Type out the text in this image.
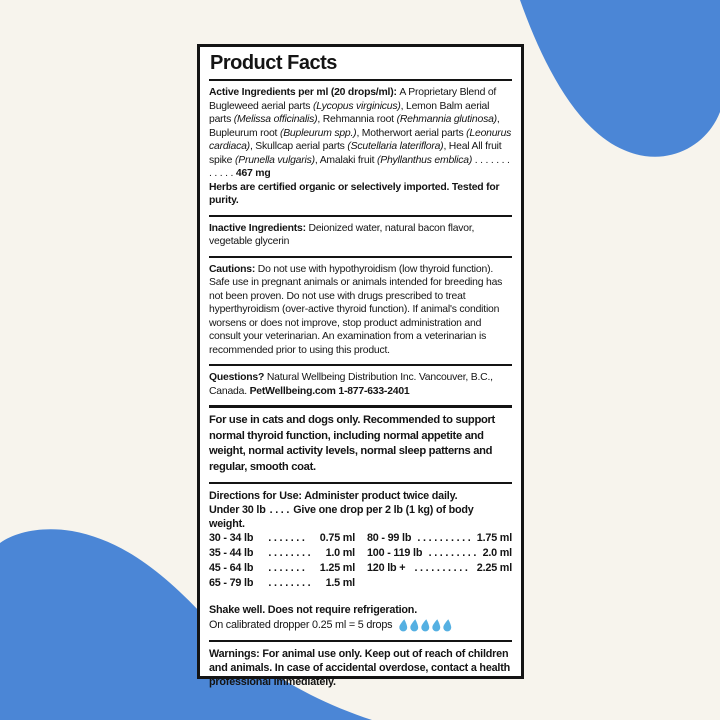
Product Facts

Active Ingredients per ml (20 drops/ml): A Proprietary Blend of Bugleweed aerial parts (Lycopus virginicus), Lemon Balm aerial parts (Melissa officinalis), Rehmannia root (Rehmannia glutinosa), Bupleurum root (Bupleurum spp.), Motherwort aerial parts (Leonurus cardiaca), Skullcap aerial parts (Scutellaria lateriflora), Heal All fruit spike (Prunella vulgaris), Amalaki fruit (Phyllanthus emblica) . . . . . . . . . . . . 467 mg

Herbs are certified organic or selectively imported. Tested for purity.

Inactive Ingredients: Deionized water, natural bacon flavor, vegetable glycerin

Cautions: Do not use with hypothyroidism (low thyroid function). Safe use in pregnant animals or animals intended for breeding has not been proven. Do not use with drugs prescribed to treat hyperthyroidism (over-active thyroid function). If animal's condition worsens or does not improve, stop product administration and consult your veterinarian. An examination from a veterinarian is recommended prior to using this product.

Questions? Natural Wellbeing Distribution Inc. Vancouver, B.C., Canada. PetWellbeing.com 1-877-633-2401

For use in cats and dogs only. Recommended to support normal thyroid function, including normal appetite and weight, normal activity levels, normal sleep patterns and regular, smooth coat.

Directions for Use: Administer product twice daily.

Under 30 lb . . . . Give one drop per 2 lb (1 kg) of body weight.

30 - 34 lb	. . . . . . .	0.75 ml
35 - 44 lb	. . . . . . . .	1.0 ml
45 - 64 lb	. . . . . . .	1.25 ml
65 - 79 lb	. . . . . . . .	1.5 ml
80 - 99 lb . . . . . . . . . . 1.75 ml
100 - 119 lb . . . . . . . . . 2.0 ml
120 lb + . . . . . . . . . . 2.25 ml

Shake well. Does not require refrigeration.

On calibrated dropper 0.25 ml = 5 drops

Warnings: For animal use only. Keep out of reach of children and animals. In case of accidental overdose, contact a health professional immediately.
